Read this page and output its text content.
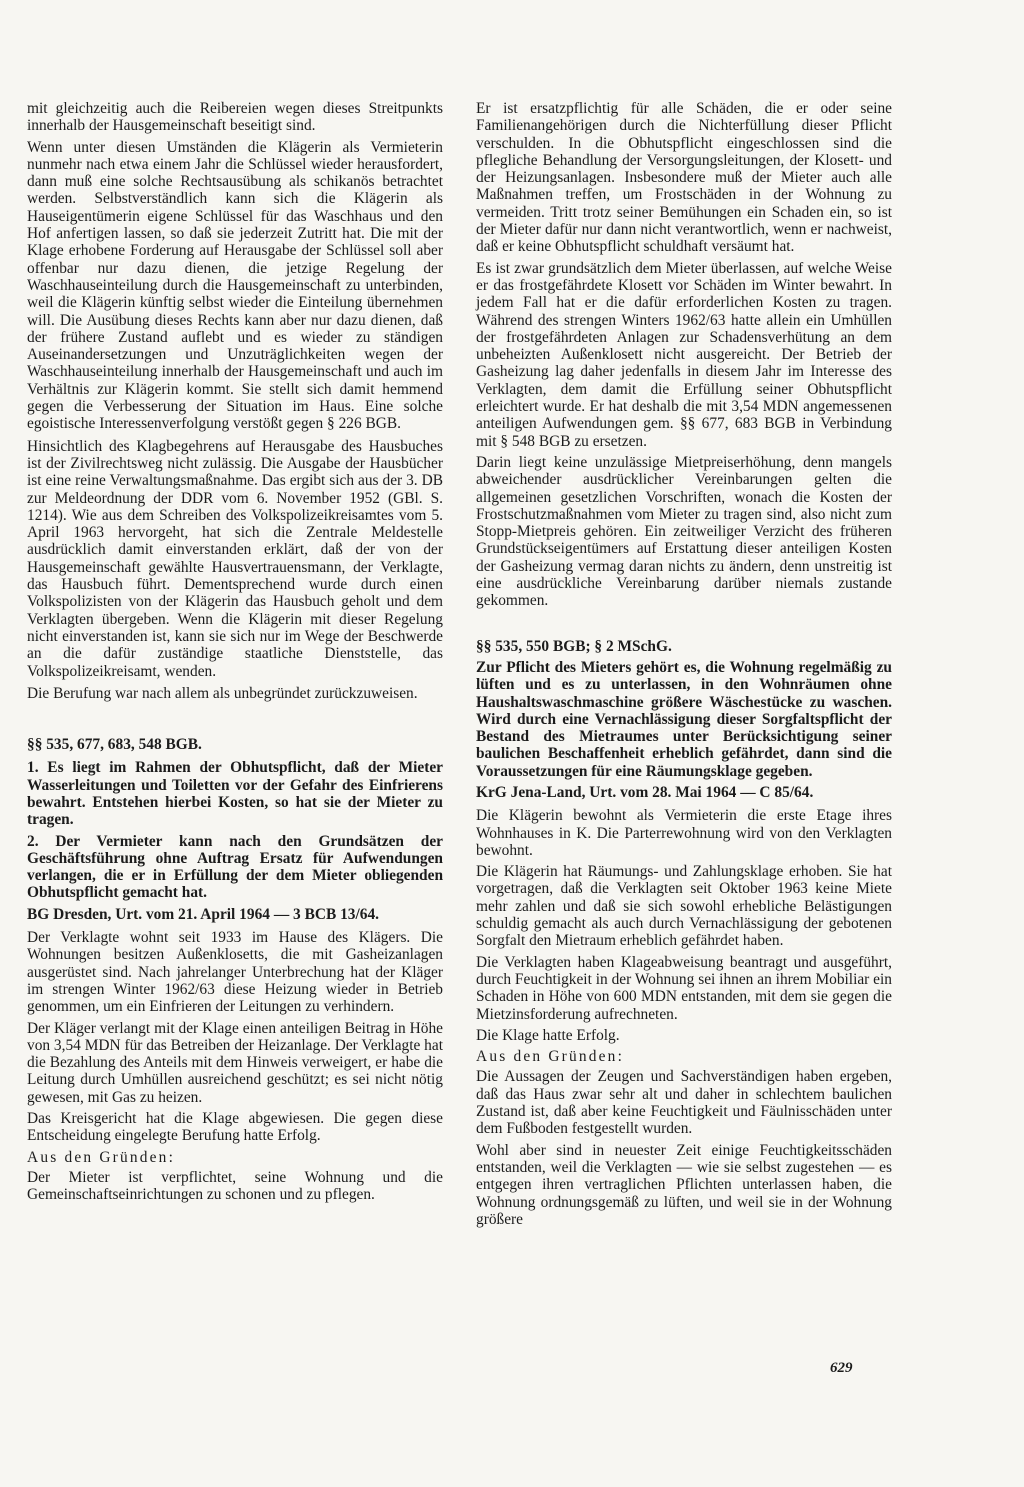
mit gleichzeitig auch die Reibereien wegen dieses Streitpunkts innerhalb der Hausgemeinschaft beseitigt sind.

Wenn unter diesen Umständen die Klägerin als Vermieterin nunmehr nach etwa einem Jahr die Schlüssel wieder herausfordert, dann muß eine solche Rechtsausübung als schikanös betrachtet werden. Selbstverständlich kann sich die Klägerin als Hauseigentümerin eigene Schlüssel für das Waschhaus und den Hof anfertigen lassen, so daß sie jederzeit Zutritt hat. Die mit der Klage erhobene Forderung auf Herausgabe der Schlüssel soll aber offenbar nur dazu dienen, die jetzige Regelung der Waschhauseinteilung durch die Hausgemeinschaft zu unterbinden, weil die Klägerin künftig selbst wieder die Einteilung übernehmen will. Die Ausübung dieses Rechts kann aber nur dazu dienen, daß der frühere Zustand auflebt und es wieder zu ständigen Auseinandersetzungen und Unzuträglichkeiten wegen der Waschhauseinteilung innerhalb der Hausgemeinschaft und auch im Verhältnis zur Klägerin kommt. Sie stellt sich damit hemmend gegen die Verbesserung der Situation im Haus. Eine solche egoistische Interessenverfolgung verstößt gegen § 226 BGB.

Hinsichtlich des Klagbegehrens auf Herausgabe des Hausbuches ist der Zivilrechtsweg nicht zulässig. Die Ausgabe der Hausbücher ist eine reine Verwaltungsmaßnahme. Das ergibt sich aus der 3. DB zur Meldeordnung der DDR vom 6. November 1952 (GBl. S. 1214). Wie aus dem Schreiben des Volkspolizeikreisamtes vom 5. April 1963 hervorgeht, hat sich die Zentrale Meldestelle ausdrücklich damit einverstanden erklärt, daß der von der Hausgemeinschaft gewählte Hausvertrauensmann, der Verklagte, das Hausbuch führt. Dementsprechend wurde durch einen Volkspolizisten von der Klägerin das Hausbuch geholt und dem Verklagten übergeben. Wenn die Klägerin mit dieser Regelung nicht einverstanden ist, kann sie sich nur im Wege der Beschwerde an die dafür zuständige staatliche Dienststelle, das Volkspolizeikreisamt, wenden.

Die Berufung war nach allem als unbegründet zurückzuweisen.

§§ 535, 677, 683, 548 BGB.

1. Es liegt im Rahmen der Obhutspflicht, daß der Mieter Wasserleitungen und Toiletten vor der Gefahr des Einfrierens bewahrt. Entstehen hierbei Kosten, so hat sie der Mieter zu tragen.

2. Der Vermieter kann nach den Grundsätzen der Geschäftsführung ohne Auftrag Ersatz für Aufwendungen verlangen, die er in Erfüllung der dem Mieter obliegenden Obhutspflicht gemacht hat.

BG Dresden, Urt. vom 21. April 1964 — 3 BCB 13/64.

Der Verklagte wohnt seit 1933 im Hause des Klägers. Die Wohnungen besitzen Außenklosetts, die mit Gasheizanlagen ausgerüstet sind. Nach jahrelanger Unterbrechung hat der Kläger im strengen Winter 1962/63 diese Heizung wieder in Betrieb genommen, um ein Einfrieren der Leitungen zu verhindern.

Der Kläger verlangt mit der Klage einen anteiligen Beitrag in Höhe von 3,54 MDN für das Betreiben der Heizanlage. Der Verklagte hat die Bezahlung des Anteils mit dem Hinweis verweigert, er habe die Leitung durch Umhüllen ausreichend geschützt; es sei nicht nötig gewesen, mit Gas zu heizen.

Das Kreisgericht hat die Klage abgewiesen. Die gegen diese Entscheidung eingelegte Berufung hatte Erfolg.

Aus den Gründen:

Der Mieter ist verpflichtet, seine Wohnung und die Gemeinschaftseinrichtungen zu schonen und zu pflegen.

Er ist ersatzpflichtig für alle Schäden, die er oder seine Familienangehörigen durch die Nichterfüllung dieser Pflicht verschulden. In die Obhutspflicht eingeschlossen sind die pflegliche Behandlung der Versorgungsleitungen, der Klosett- und der Heizungsanlagen. Insbesondere muß der Mieter auch alle Maßnahmen treffen, um Frostschäden in der Wohnung zu vermeiden. Tritt trotz seiner Bemühungen ein Schaden ein, so ist der Mieter dafür nur dann nicht verantwortlich, wenn er nachweist, daß er keine Obhutspflicht schuldhaft versäumt hat.

Es ist zwar grundsätzlich dem Mieter überlassen, auf welche Weise er das frostgefährdete Klosett vor Schäden im Winter bewahrt. In jedem Fall hat er die dafür erforderlichen Kosten zu tragen. Während des strengen Winters 1962/63 hatte allein ein Umhüllen der frostgefährdeten Anlagen zur Schadensverhütung an dem unbeheizten Außenklosett nicht ausgereicht. Der Betrieb der Gasheizung lag daher jedenfalls in diesem Jahr im Interesse des Verklagten, dem damit die Erfüllung seiner Obhutspflicht erleichtert wurde. Er hat deshalb die mit 3,54 MDN angemessenen anteiligen Aufwendungen gem. §§ 677, 683 BGB in Verbindung mit § 548 BGB zu ersetzen.

Darin liegt keine unzulässige Mietpreiserhöhung, denn mangels abweichender ausdrücklicher Vereinbarungen gelten die allgemeinen gesetzlichen Vorschriften, wonach die Kosten der Frostschutzmaßnahmen vom Mieter zu tragen sind, also nicht zum Stopp-Mietpreis gehören. Ein zeitweiliger Verzicht des früheren Grundstückseigentümers auf Erstattung dieser anteiligen Kosten der Gasheizung vermag daran nichts zu ändern, denn unstreitig ist eine ausdrückliche Vereinbarung darüber niemals zustande gekommen.

§§ 535, 550 BGB; § 2 MSchG.

Zur Pflicht des Mieters gehört es, die Wohnung regelmäßig zu lüften und es zu unterlassen, in den Wohnräumen ohne Haushaltswaschmaschine größere Wäschestücke zu waschen. Wird durch eine Vernachlässigung dieser Sorgfaltspflicht der Bestand des Mietraumes unter Berücksichtigung seiner baulichen Beschaffenheit erheblich gefährdet, dann sind die Voraussetzungen für eine Räumungsklage gegeben.

KrG Jena-Land, Urt. vom 28. Mai 1964 — C 85/64.

Die Klägerin bewohnt als Vermieterin die erste Etage ihres Wohnhauses in K. Die Parterrewohnung wird von den Verklagten bewohnt.

Die Klägerin hat Räumungs- und Zahlungsklage erhoben. Sie hat vorgetragen, daß die Verklagten seit Oktober 1963 keine Miete mehr zahlen und daß sie sich sowohl erhebliche Belästigungen schuldig gemacht als auch durch Vernachlässigung der gebotenen Sorgfalt den Mietraum erheblich gefährdet haben.

Die Verklagten haben Klageabweisung beantragt und ausgeführt, durch Feuchtigkeit in der Wohnung sei ihnen an ihrem Mobiliar ein Schaden in Höhe von 600 MDN entstanden, mit dem sie gegen die Mietzinsforderung aufrechneten.

Die Klage hatte Erfolg.

Aus den Gründen:

Die Aussagen der Zeugen und Sachverständigen haben ergeben, daß das Haus zwar sehr alt und daher in schlechtem baulichen Zustand ist, daß aber keine Feuchtigkeit und Fäulnisschäden unter dem Fußboden festgestellt wurden.

Wohl aber sind in neuester Zeit einige Feuchtigkeitsschäden entstanden, weil die Verklagten — wie sie selbst zugestehen — es entgegen ihren vertraglichen Pflichten unterlassen haben, die Wohnung ordnungsgemäß zu lüften, und weil sie in der Wohnung größere

629
